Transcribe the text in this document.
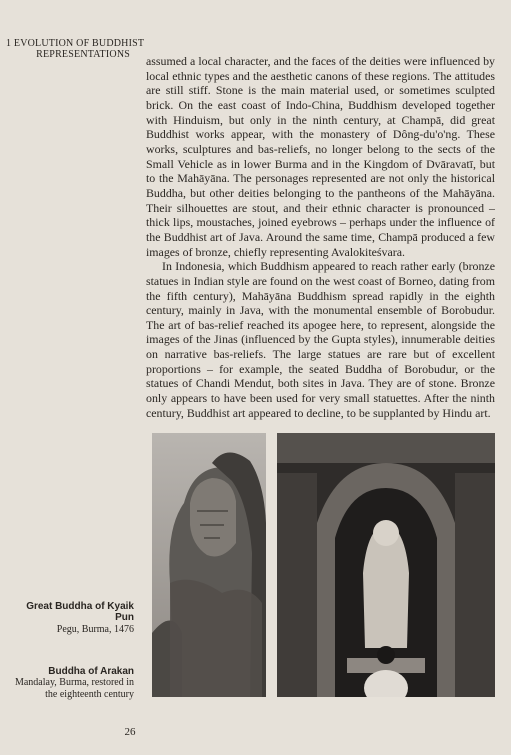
1 EVOLUTION OF BUDDHIST
REPRESENTATIONS assumed a local character, and the faces of the deities were influenced by local ethnic types and the aesthetic canons of these regions. The attitudes are still stiff. Stone is the main material used, or sometimes sculpted brick. On the east coast of Indo-China, Buddhism developed together with Hinduism, but only in the ninth century, at Champā, did great Buddhist works appear, with the monastery of Dông-du'o'ng. These works, sculptures and bas-reliefs, no longer belong to the sects of the Small Vehicle as in lower Burma and in the Kingdom of Dvāravatī, but to the Mahāyāna. The personages represented are not only the historical Buddha, but other deities belonging to the pantheons of the Mahāyāna. Their silhouettes are stout, and their ethnic character is pronounced – thick lips, moustaches, joined eyebrows – perhaps under the influence of the Buddhist art of Java. Around the same time, Champā produced a few images of bronze, chiefly representing Avalokiteśvara.

In Indonesia, which Buddhism appeared to reach rather early (bronze statues in Indian style are found on the west coast of Borneo, dating from the fifth century), Mahāyāna Buddhism spread rapidly in the eighth century, mainly in Java, with the monumental ensemble of Borobudur. The art of bas-relief reached its apogee here, to represent, alongside the images of the Jinas (influenced by the Gupta styles), innumerable deities on narrative bas-reliefs. The large statues are rare but of excellent proportions – for example, the seated Buddha of Borobudur, or the statues of Chandi Mendut, both sites in Java. They are of stone. Bronze only appears to have been used for very small statuettes. After the ninth century, Buddhist art appeared to decline, to be supplanted by Hindu art.

Great Buddha of Kyaik Pun
Pegu, Burma, 1476
Buddha of Arakan
Mandalay, Burma, restored in the eighteenth century
26
